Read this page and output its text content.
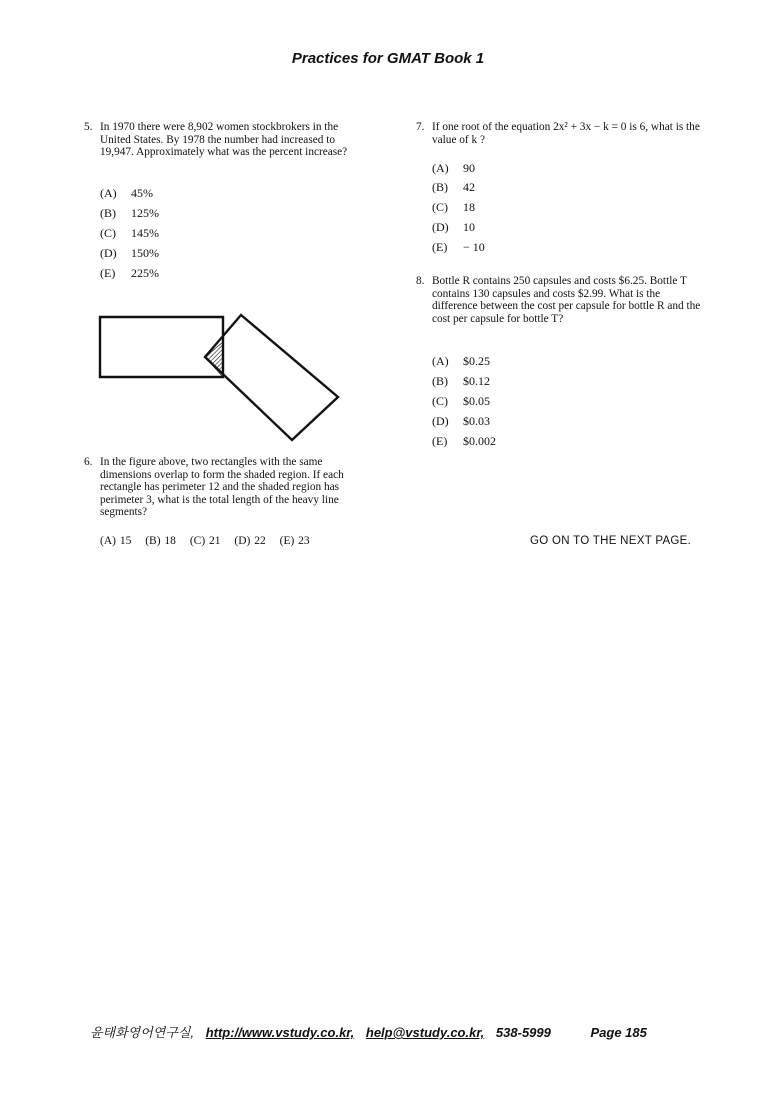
Practices for GMAT Book 1
5. In 1970 there were 8,902 women stockbrokers in the United States. By 1978 the number had increased to 19,947. Approximately what was the percent increase?
(A) 45%
(B) 125%
(C) 145%
(D) 150%
(E) 225%
6. In the figure above, two rectangles with the same dimensions overlap to form the shaded region. If each rectangle has perimeter 12 and the shaded region has perimeter 3, what is the total length of the heavy line segments?
(A) 15 (B) 18 (C) 21 (D) 22 (E) 23
7. If one root of the equation 2x² + 3x − k = 0 is 6, what is the value of k ?
(A) 90
(B) 42
(C) 18
(D) 10
(E) − 10
8. Bottle R contains 250 capsules and costs $6.25. Bottle T contains 130 capsules and costs $2.99. What is the difference between the cost per capsule for bottle R and the cost per capsule for bottle T?
(A) $0.25
(B) $0.12
(C) $0.05
(D) $0.03
(E) $0.002
GO ON TO THE NEXT PAGE.
윤태화영어연구실, http://www.vstudy.co.kr, help@vstudy.co.kr, 538-5999	Page 185
